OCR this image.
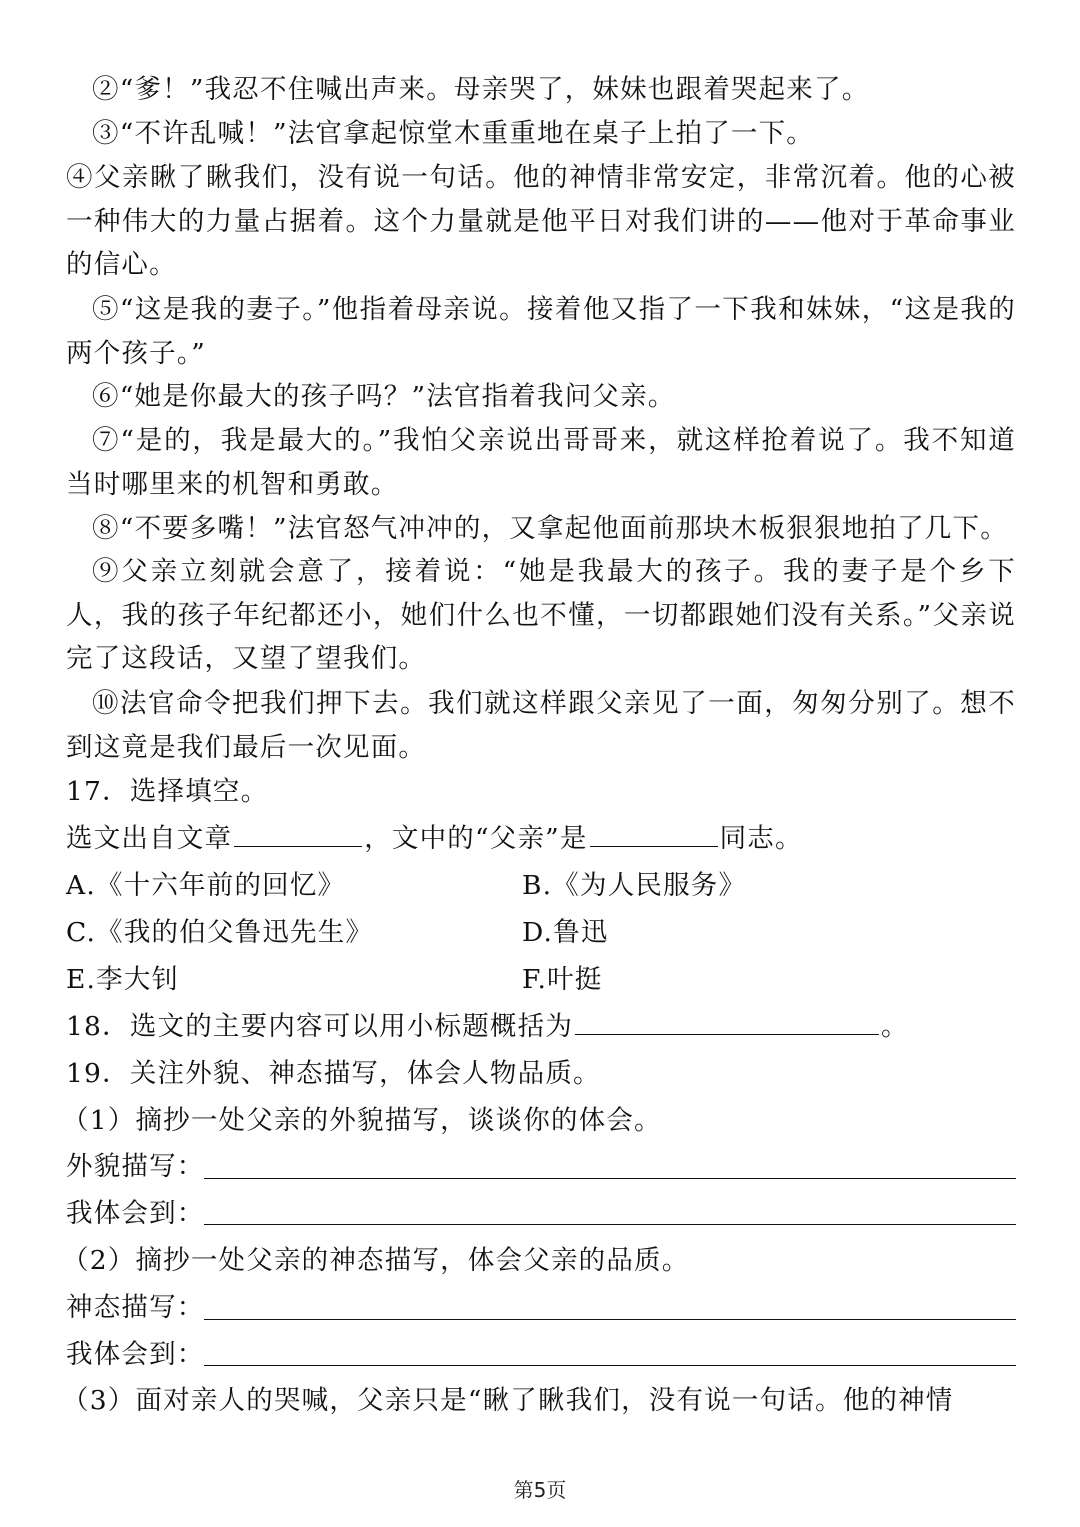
②“爹！”我忍不住喊出声来。母亲哭了，妹妹也跟着哭起来了。

③“不许乱喊！”法官拿起惊堂木重重地在桌子上拍了一下。

④父亲瞅了瞅我们，没有说一句话。他的神情非常安定，非常沉着。他的心被一种伟大的力量占据着。这个力量就是他平日对我们讲的——他对于革命事业的信心。

⑤“这是我的妻子。”他指着母亲说。接着他又指了一下我和妹妹，“这是我的两个孩子。”

⑥“她是你最大的孩子吗？”法官指着我问父亲。

⑦“是的，我是最大的。”我怕父亲说出哥哥来，就这样抢着说了。我不知道当时哪里来的机智和勇敢。

⑧“不要多嘴！”法官怒气冲冲的，又拿起他面前那块木板狠狠地拍了几下。

⑨父亲立刻就会意了，接着说：“她是我最大的孩子。我的妻子是个乡下人，我的孩子年纪都还小，她们什么也不懂，一切都跟她们没有关系。”父亲说完了这段话，又望了望我们。

⑩法官命令把我们押下去。我们就这样跟父亲见了一面，匆匆分别了。想不到这竟是我们最后一次见面。

17．选择填空。

选文出自文章	，文中的“父亲”是	同志。

A.《十六年前的回忆》	B.《为人民服务》
C.《我的伯父鲁迅先生》	D.鲁迅
E.李大钊	F.叶挺

18．选文的主要内容可以用小标题概括为	。

19．关注外貌、神态描写，体会人物品质。

（1）摘抄一处父亲的外貌描写，谈谈你的体会。

外貌描写：

我体会到：

（2）摘抄一处父亲的神态描写，体会父亲的品质。

神态描写：

我体会到：

（3）面对亲人的哭喊，父亲只是“瞅了瞅我们，没有说一句话。他的神情

第5页
